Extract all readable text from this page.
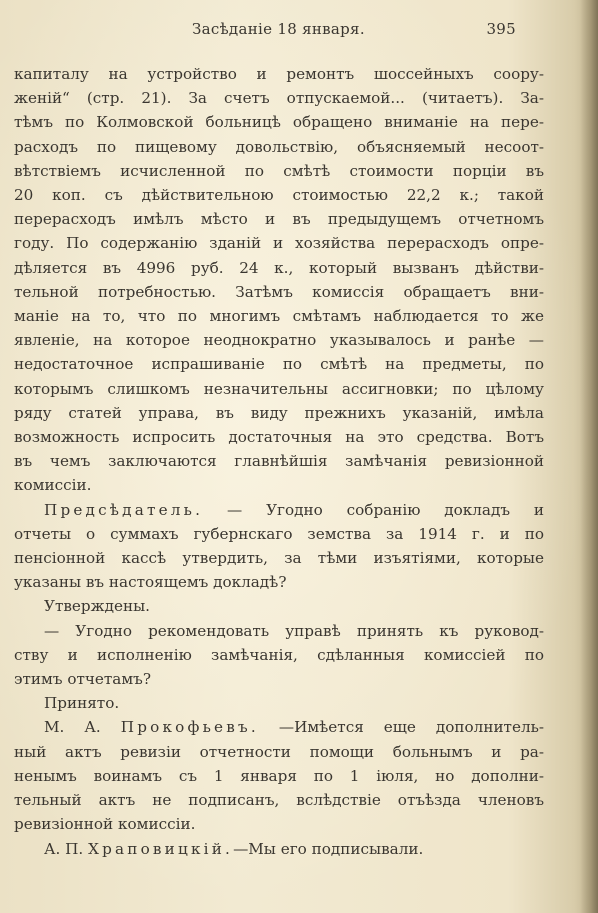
Засѣданіе 18 января.	395
капиталу на устройство и ремонтъ шоссейныхъ соору-
женій“ (стр. 21). За счетъ отпускаемой... (читаетъ). За-
тѣмъ по Колмовской больницѣ обращено вниманіе на пере-
расходъ по пищевому довольствію, объясняемый несоот-
вѣтствіемъ исчисленной по смѣтѣ стоимости порціи въ
20 коп. съ дѣйствительною стоимостью 22,2 к.; такой
перерасходъ имѣлъ мѣсто и въ предыдущемъ отчетномъ
году. По содержанію зданій и хозяйства перерасходъ опре-
дѣляется въ 4996 руб. 24 к., который вызванъ дѣйстви-
тельной потребностью. Затѣмъ комиссія обращаетъ вни-
маніе на то, что по многимъ смѣтамъ наблюдается то же
явленіе, на которое неоднократно указывалось и ранѣе —
недостаточное испрашиваніе по смѣтѣ на предметы, по
которымъ слишкомъ незначительны ассигновки; по цѣлому
ряду статей управа, въ виду прежнихъ указаній, имѣла
возможность испросить достаточныя на это средства. Вотъ
въ чемъ заключаются главнѣйшія замѣчанія ревизіонной
комиссіи.
Предсѣдатель. — Угодно собранію докладъ и
отчеты о суммахъ губернскаго земства за 1914 г. и по
пенсіонной кассѣ утвердить, за тѣми изъятіями, которые
указаны въ настоящемъ докладѣ?
Утверждены.
— Угодно рекомендовать управѣ принять къ руковод-
ству и исполненію замѣчанія, сдѣланныя комиссіей по
этимъ отчетамъ?
Принято.
М. А. Прокофьевъ. —Имѣется еще дополнитель-
ный актъ ревизіи отчетности помощи больнымъ и ра-
ненымъ воинамъ съ 1 января по 1 іюля, но дополни-
тельный актъ не подписанъ, вслѣдствіе отъѣзда членовъ
ревизіонной комиссіи.
А. П. Храповицкій.—Мы его подписывали.
